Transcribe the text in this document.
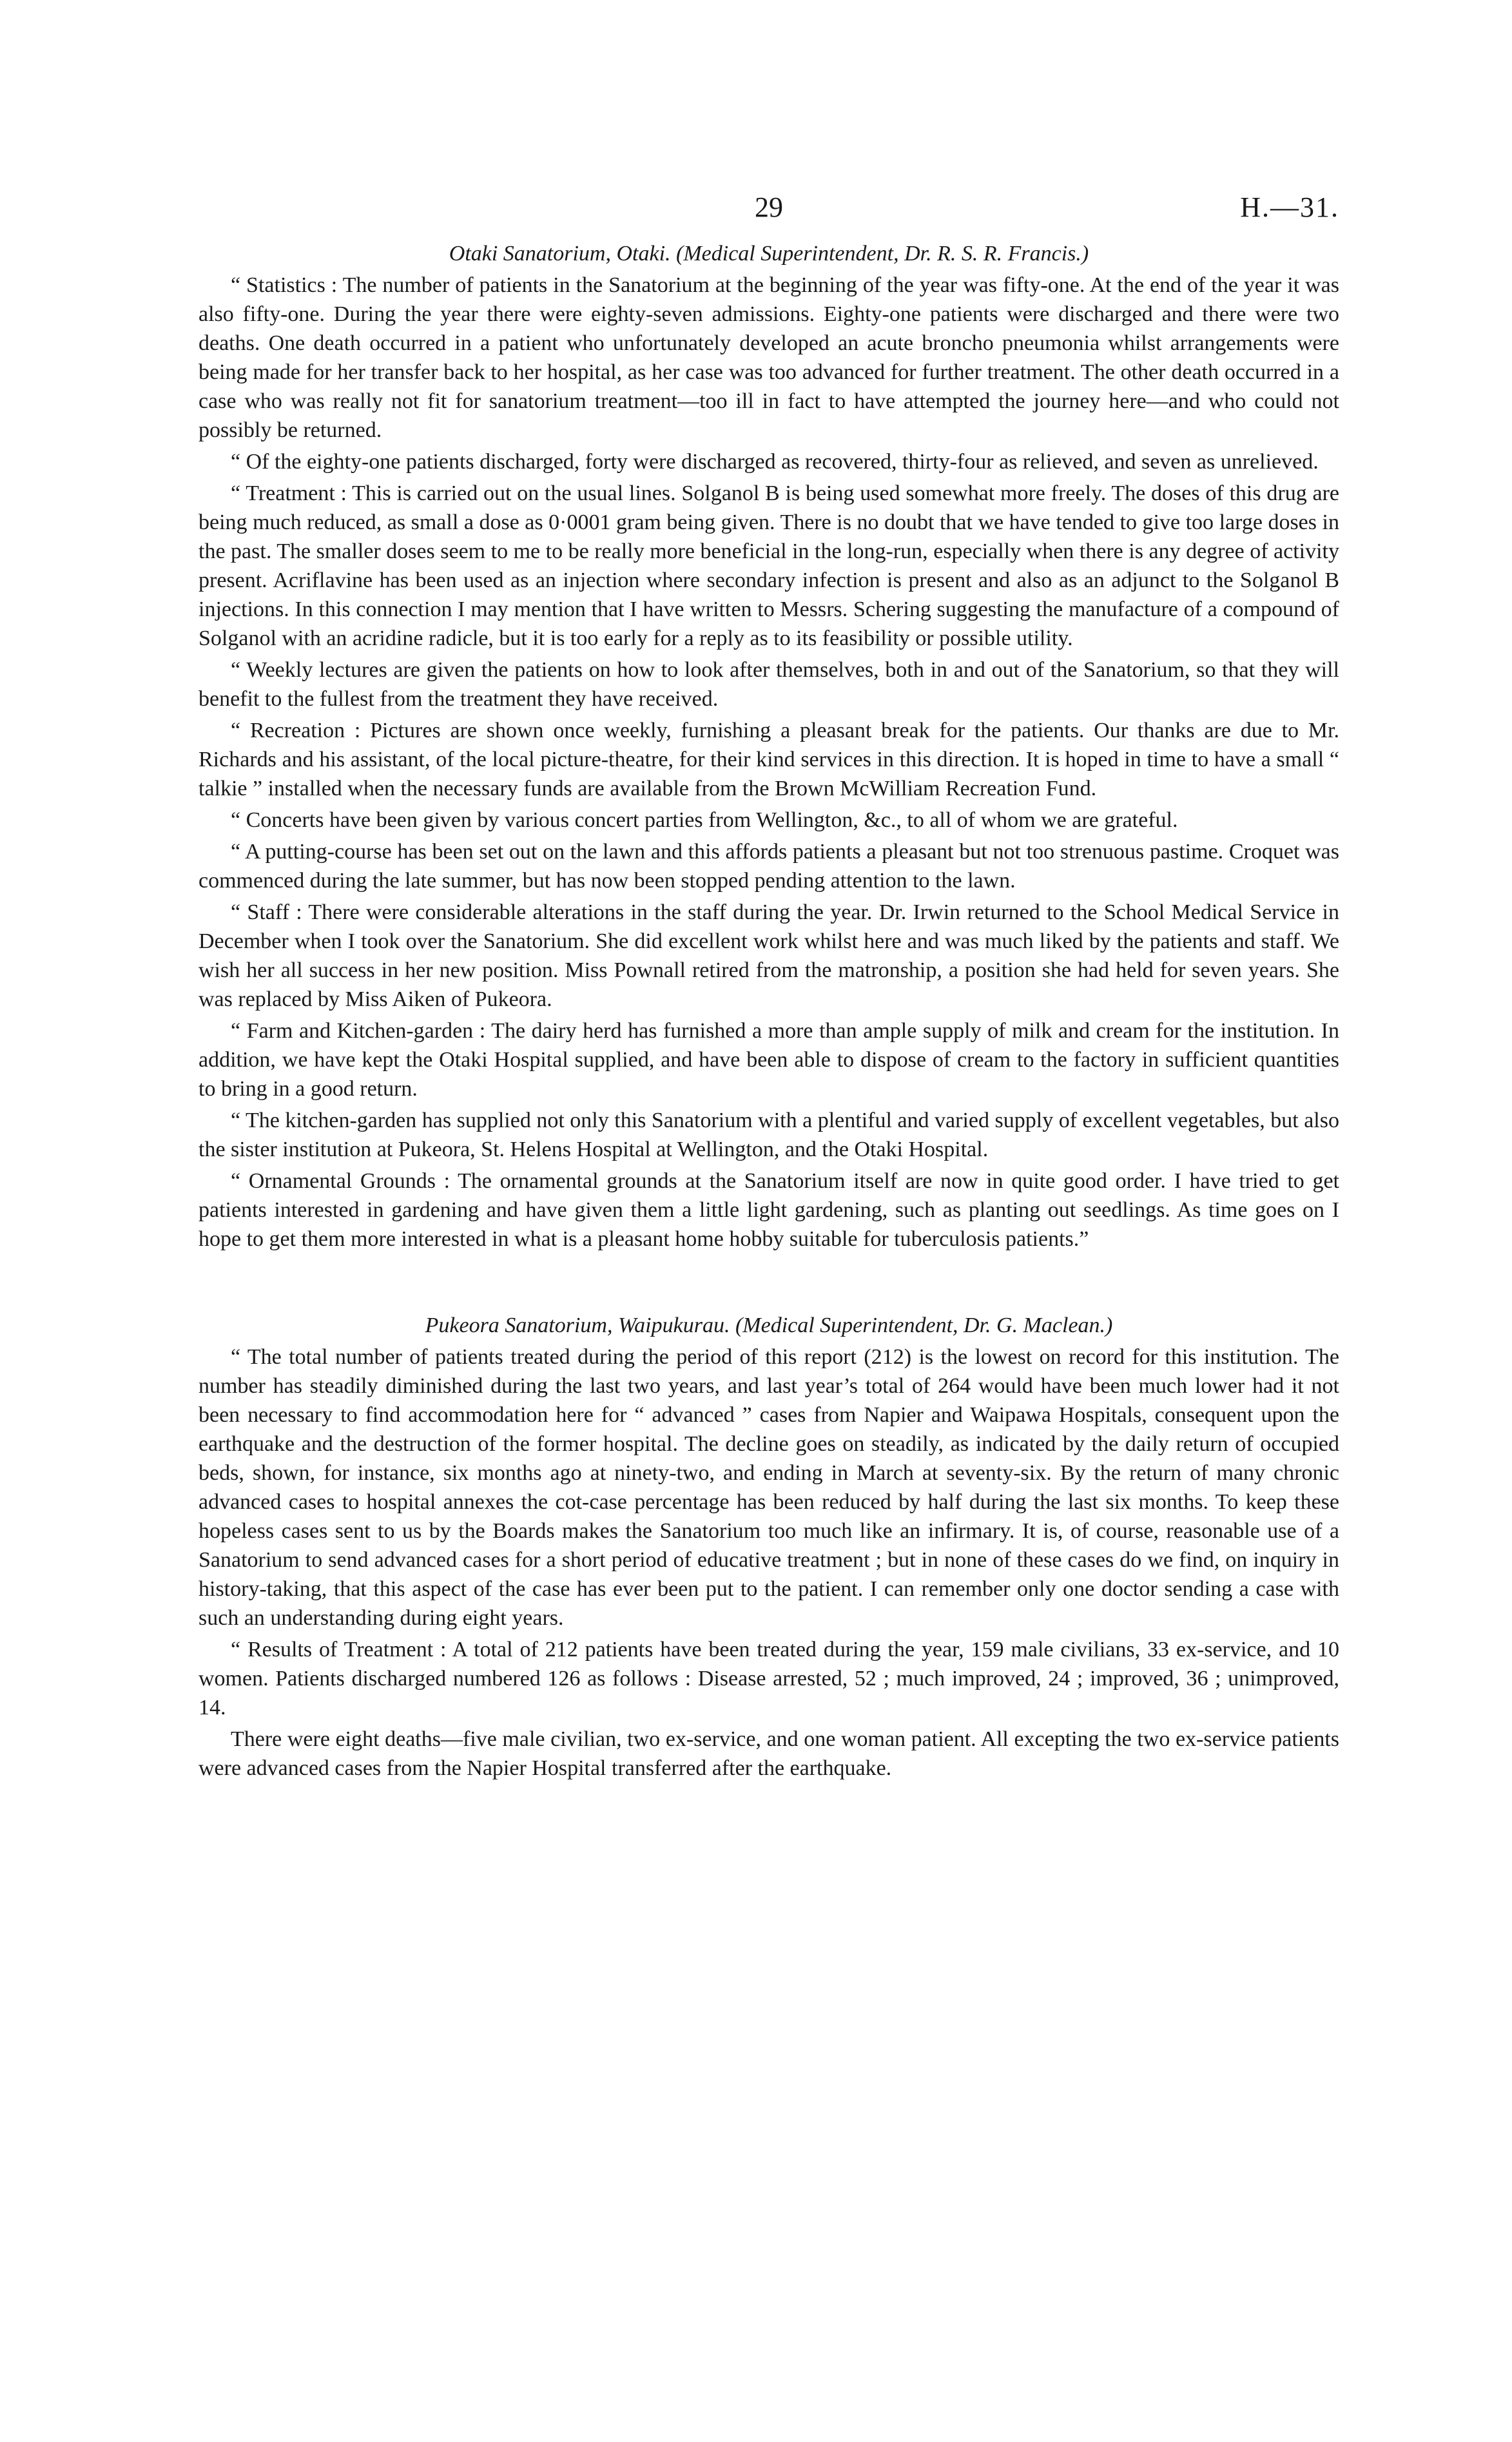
29	H.—31.

Otaki Sanatorium, Otaki. (Medical Superintendent, Dr. R. S. R. Francis.)

“ Statistics : The number of patients in the Sanatorium at the beginning of the year was fifty-one. At the end of the year it was also fifty-one. During the year there were eighty-seven admissions. Eighty-one patients were discharged and there were two deaths. One death occurred in a patient who unfortunately developed an acute broncho pneumonia whilst arrangements were being made for her transfer back to her hospital, as her case was too advanced for further treatment. The other death occurred in a case who was really not fit for sanatorium treatment—too ill in fact to have attempted the journey here—and who could not possibly be returned.

“ Of the eighty-one patients discharged, forty were discharged as recovered, thirty-four as relieved, and seven as unrelieved.

“ Treatment : This is carried out on the usual lines. Solganol B is being used somewhat more freely. The doses of this drug are being much reduced, as small a dose as 0·0001 gram being given. There is no doubt that we have tended to give too large doses in the past. The smaller doses seem to me to be really more beneficial in the long-run, especially when there is any degree of activity present. Acriflavine has been used as an injection where secondary infection is present and also as an adjunct to the Solganol B injections. In this connection I may mention that I have written to Messrs. Schering suggesting the manufacture of a compound of Solganol with an acridine radicle, but it is too early for a reply as to its feasibility or possible utility.

“ Weekly lectures are given the patients on how to look after themselves, both in and out of the Sanatorium, so that they will benefit to the fullest from the treatment they have received.

“ Recreation : Pictures are shown once weekly, furnishing a pleasant break for the patients. Our thanks are due to Mr. Richards and his assistant, of the local picture-theatre, for their kind services in this direction. It is hoped in time to have a small “ talkie ” installed when the necessary funds are available from the Brown McWilliam Recreation Fund.

“ Concerts have been given by various concert parties from Wellington, &c., to all of whom we are grateful.

“ A putting-course has been set out on the lawn and this affords patients a pleasant but not too strenuous pastime. Croquet was commenced during the late summer, but has now been stopped pending attention to the lawn.

“ Staff : There were considerable alterations in the staff during the year. Dr. Irwin returned to the School Medical Service in December when I took over the Sanatorium. She did excellent work whilst here and was much liked by the patients and staff. We wish her all success in her new position. Miss Pownall retired from the matronship, a position she had held for seven years. She was replaced by Miss Aiken of Pukeora.

“ Farm and Kitchen-garden : The dairy herd has furnished a more than ample supply of milk and cream for the institution. In addition, we have kept the Otaki Hospital supplied, and have been able to dispose of cream to the factory in sufficient quantities to bring in a good return.

“ The kitchen-garden has supplied not only this Sanatorium with a plentiful and varied supply of excellent vegetables, but also the sister institution at Pukeora, St. Helens Hospital at Wellington, and the Otaki Hospital.

“ Ornamental Grounds : The ornamental grounds at the Sanatorium itself are now in quite good order. I have tried to get patients interested in gardening and have given them a little light gardening, such as planting out seedlings. As time goes on I hope to get them more interested in what is a pleasant home hobby suitable for tuberculosis patients.”

Pukeora Sanatorium, Waipukurau. (Medical Superintendent, Dr. G. Maclean.)

“ The total number of patients treated during the period of this report (212) is the lowest on record for this institution. The number has steadily diminished during the last two years, and last year’s total of 264 would have been much lower had it not been necessary to find accommodation here for “ advanced ” cases from Napier and Waipawa Hospitals, consequent upon the earthquake and the destruction of the former hospital. The decline goes on steadily, as indicated by the daily return of occupied beds, shown, for instance, six months ago at ninety-two, and ending in March at seventy-six. By the return of many chronic advanced cases to hospital annexes the cot-case percentage has been reduced by half during the last six months. To keep these hopeless cases sent to us by the Boards makes the Sanatorium too much like an infirmary. It is, of course, reasonable use of a Sanatorium to send advanced cases for a short period of educative treatment ; but in none of these cases do we find, on inquiry in history-taking, that this aspect of the case has ever been put to the patient. I can remember only one doctor sending a case with such an understanding during eight years.

“ Results of Treatment : A total of 212 patients have been treated during the year, 159 male civilians, 33 ex-service, and 10 women. Patients discharged numbered 126 as follows : Disease arrested, 52 ; much improved, 24 ; improved, 36 ; unimproved, 14.

There were eight deaths—five male civilian, two ex-service, and one woman patient. All excepting the two ex-service patients were advanced cases from the Napier Hospital transferred after the earthquake.
